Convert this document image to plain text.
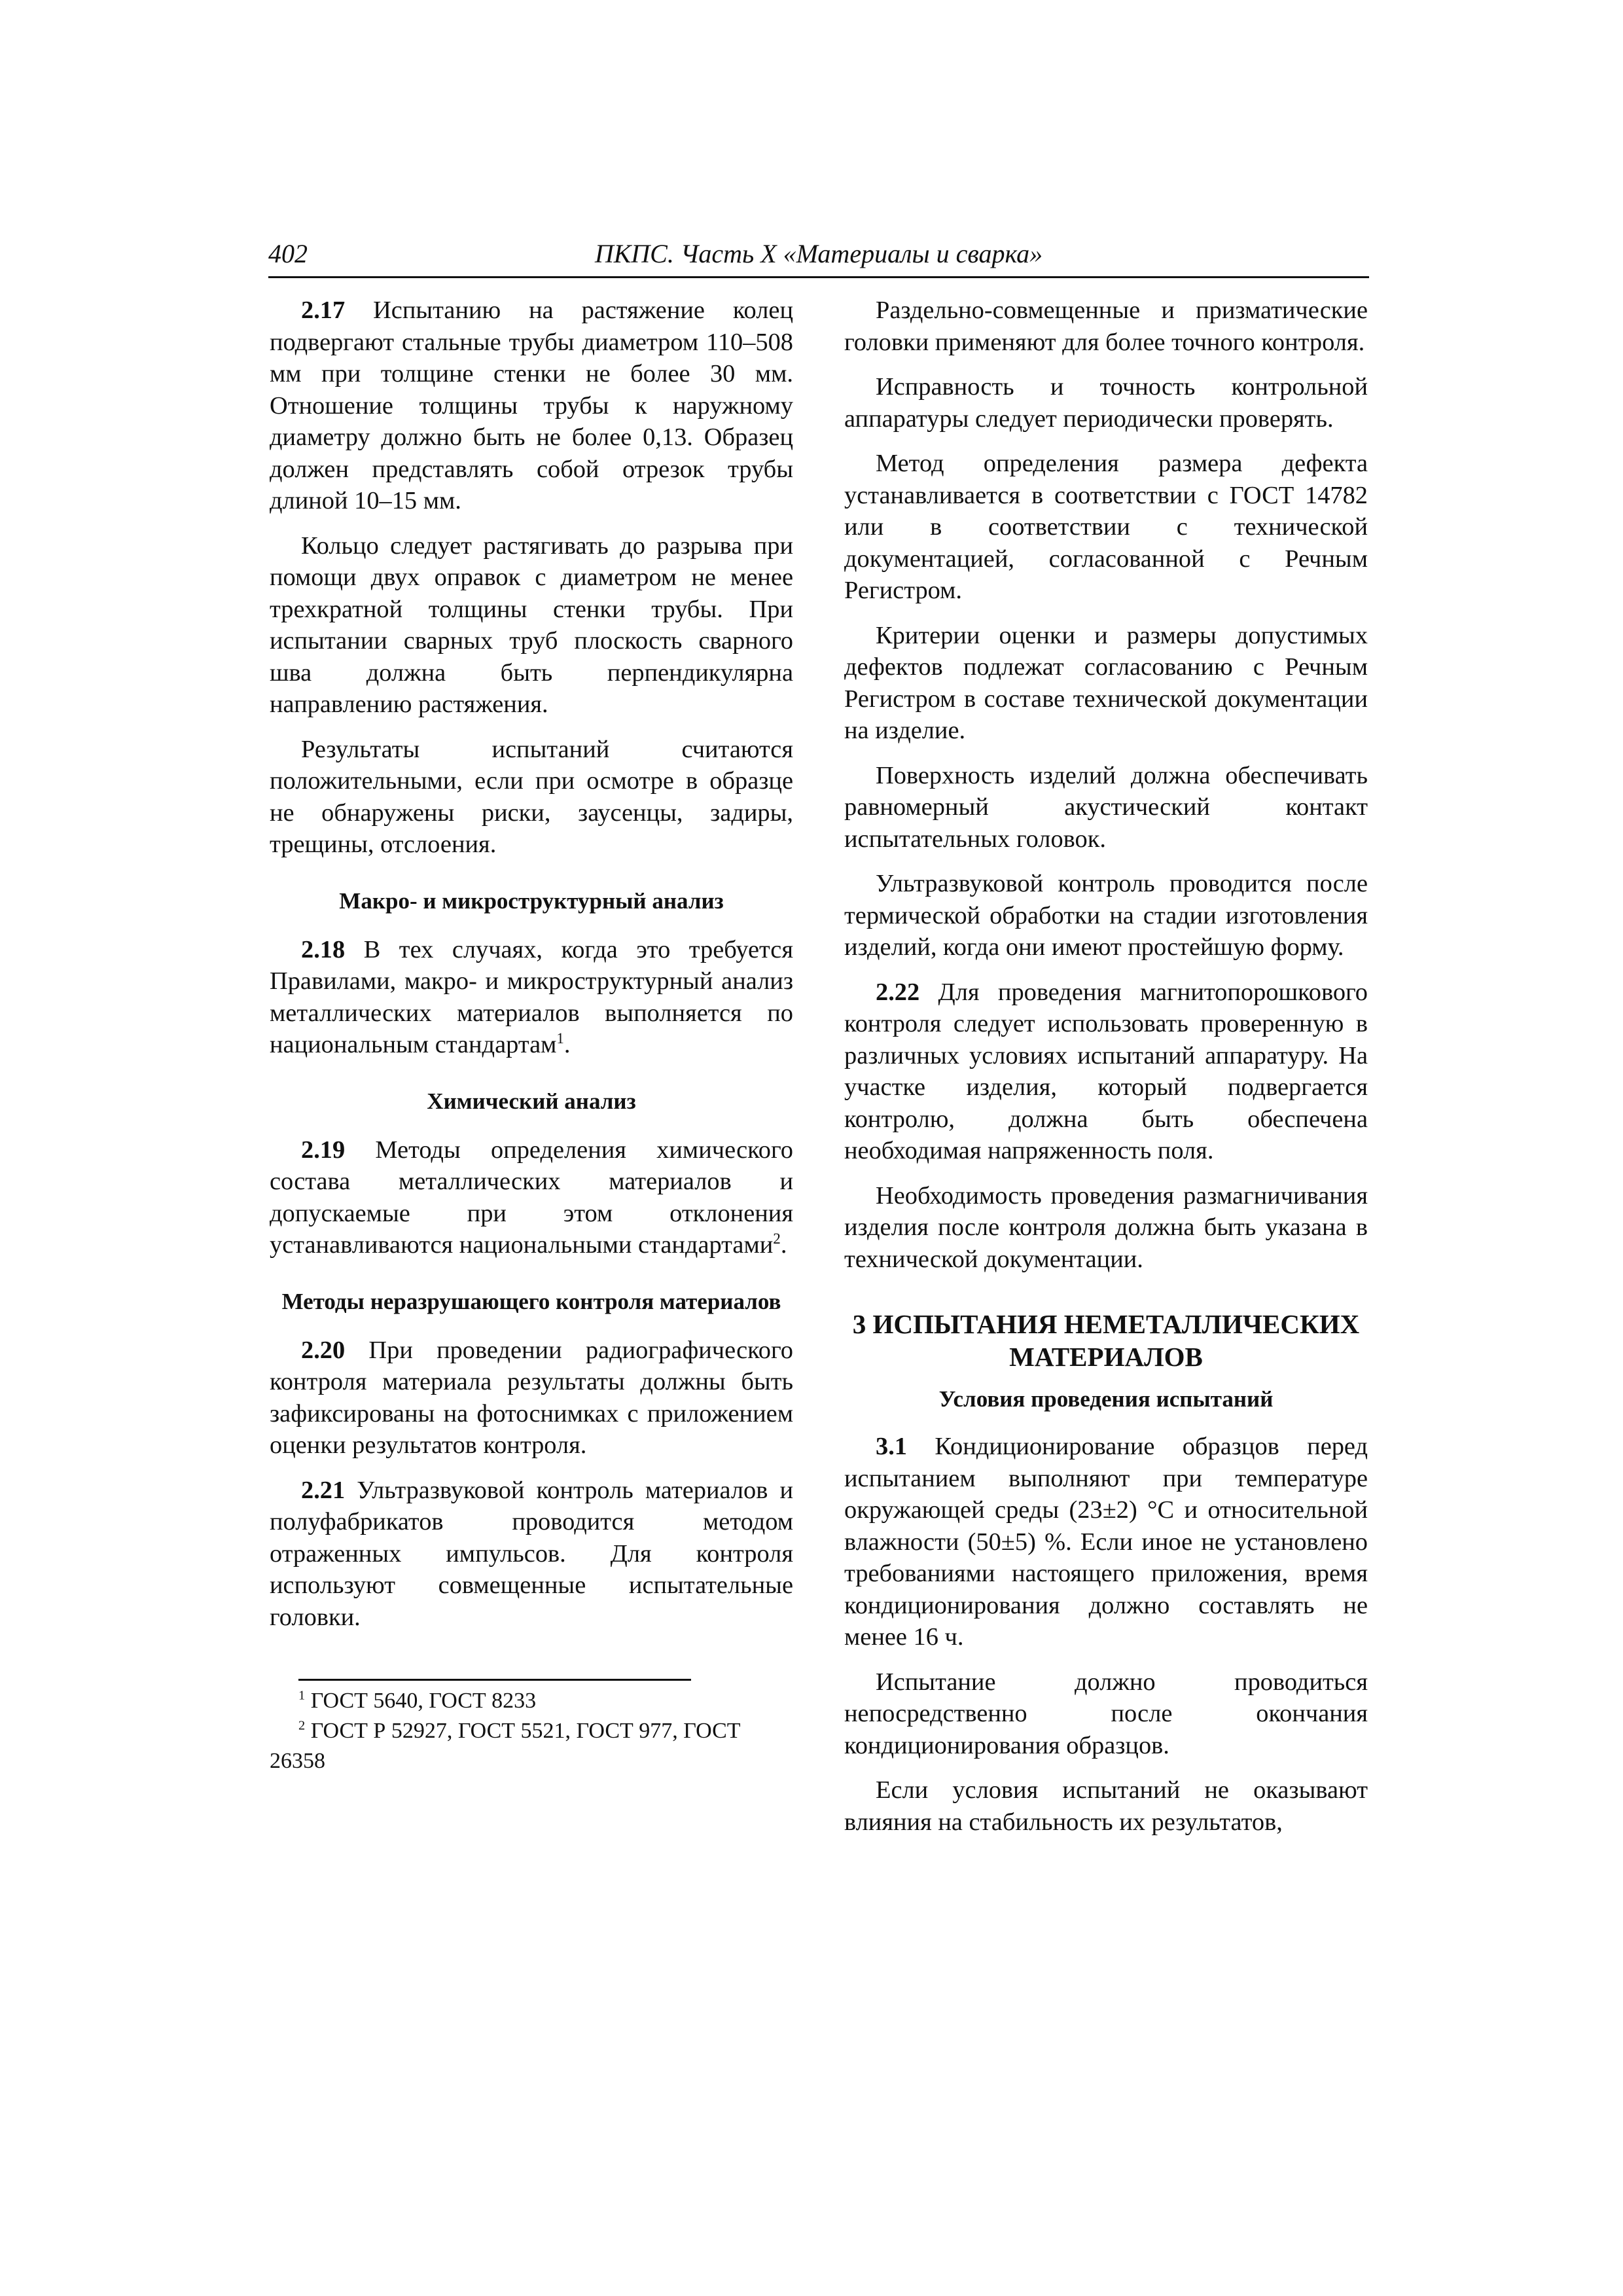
402	ПКПС. Часть X «Материалы и сварка»

2.17 Испытанию на растяжение колец подвергают стальные трубы диаметром 110–508 мм при толщине стенки не более 30 мм. Отношение толщины трубы к наружному диаметру должно быть не более 0,13. Образец должен представлять собой отрезок трубы длиной 10–15 мм.

Кольцо следует растягивать до разрыва при помощи двух оправок с диаметром не менее трехкратной толщины стенки трубы. При испытании сварных труб плоскость сварного шва должна быть перпендикулярна направлению растяжения.

Результаты испытаний считаются положительными, если при осмотре в образце не обнаружены риски, заусенцы, задиры, трещины, отслоения.

Макро- и микроструктурный анализ

2.18 В тех случаях, когда это требуется Правилами, макро- и микроструктурный анализ металлических материалов выполняется по национальным стандартам$^1$.

Химический анализ

2.19 Методы определения химического состава металлических материалов и допускаемые при этом отклонения устанавливаются национальными стандартами$^2$.

Методы неразрушающего контроля материалов

2.20 При проведении радиографического контроля материала результаты должны быть зафиксированы на фотоснимках с приложением оценки результатов контроля.

2.21 Ультразвуковой контроль материалов и полуфабрикатов проводится методом отраженных импульсов. Для контроля используют совмещенные испытательные головки.

$^1$ ГОСТ 5640, ГОСТ 8233

$^2$ ГОСТ Р 52927, ГОСТ 5521, ГОСТ 977, ГОСТ 26358

Раздельно-совмещенные и призматические головки применяют для более точного контроля.

Исправность и точность контрольной аппаратуры следует периодически проверять.

Метод определения размера дефекта устанавливается в соответствии с ГОСТ 14782 или в соответствии с технической документацией, согласованной с Речным Регистром.

Критерии оценки и размеры допустимых дефектов подлежат согласованию с Речным Регистром в составе технической документации на изделие.

Поверхность изделий должна обеспечивать равномерный акустический контакт испытательных головок.

Ультразвуковой контроль проводится после термической обработки на стадии изготовления изделий, когда они имеют простейшую форму.

2.22 Для проведения магнитопорошкового контроля следует использовать проверенную в различных условиях испытаний аппаратуру. На участке изделия, который подвергается контролю, должна быть обеспечена необходимая напряженность поля.

Необходимость проведения размагничивания изделия после контроля должна быть указана в технической документации.

3 ИСПЫТАНИЯ НЕМЕТАЛЛИЧЕСКИХ МАТЕРИАЛОВ
Условия проведения испытаний

3.1 Кондиционирование образцов перед испытанием выполняют при температуре окружающей среды (23±2) °С и относительной влажности (50±5) %. Если иное не установлено требованиями настоящего приложения, время кондиционирования должно составлять не менее 16 ч.

Испытание должно проводиться непосредственно после окончания кондиционирования образцов.

Если условия испытаний не оказывают влияния на стабильность их результатов,
